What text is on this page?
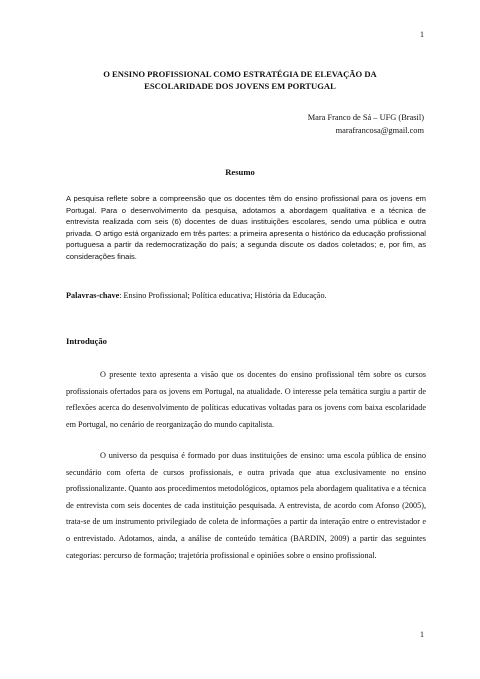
1
O ENSINO PROFISSIONAL COMO ESTRATÉGIA DE ELEVAÇÃO DA ESCOLARIDADE DOS JOVENS EM PORTUGAL
Mara Franco de Sá – UFG (Brasil)
marafrancosa@gmail.com
Resumo

A pesquisa reflete sobre a compreensão que os docentes têm do ensino profissional para os jovens em Portugal. Para o desenvolvimento da pesquisa, adotamos a abordagem qualitativa e a técnica de entrevista realizada com seis (6) docentes de duas instituições escolares, sendo uma pública e outra privada. O artigo está organizado em três partes: a primeira apresenta o histórico da educação profissional portuguesa a partir da redemocratização do país; a segunda discute os dados coletados; e, por fim, as considerações finais.

Palavras-chave: Ensino Profissional; Política educativa; História da Educação.

Introdução

O presente texto apresenta a visão que os docentes do ensino profissional têm sobre os cursos profissionais ofertados para os jovens em Portugal, na atualidade. O interesse pela temática surgiu a partir de reflexões acerca do desenvolvimento de políticas educativas voltadas para os jovens com baixa escolaridade em Portugal, no cenário de reorganização do mundo capitalista.

O universo da pesquisa é formado por duas instituições de ensino: uma escola pública de ensino secundário com oferta de cursos profissionais, e outra privada que atua exclusivamente no ensino profissionalizante. Quanto aos procedimentos metodológicos, optamos pela abordagem qualitativa e a técnica de entrevista com seis docentes de cada instituição pesquisada. A entrevista, de acordo com Afonso (2005), trata-se de um instrumento privilegiado de coleta de informações a partir da interação entre o entrevistador e o entrevistado. Adotamos, ainda, a análise de conteúdo temática (BARDIN, 2009) a partir das seguintes categorias: percurso de formação; trajetória profissional e opiniões sobre o ensino profissional.

1
